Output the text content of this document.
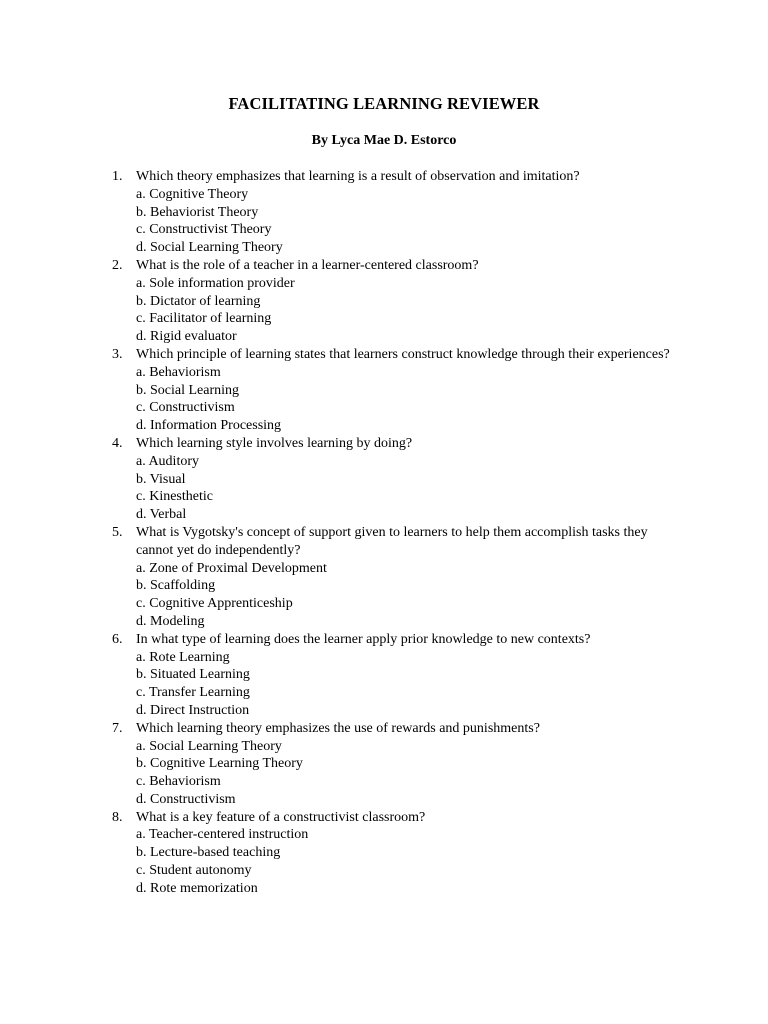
FACILITATING LEARNING REVIEWER
By Lyca Mae D. Estorco
1. Which theory emphasizes that learning is a result of observation and imitation?
a. Cognitive Theory
b. Behaviorist Theory
c. Constructivist Theory
d. Social Learning Theory
2. What is the role of a teacher in a learner-centered classroom?
a. Sole information provider
b. Dictator of learning
c. Facilitator of learning
d. Rigid evaluator
3. Which principle of learning states that learners construct knowledge through their experiences?
a. Behaviorism
b. Social Learning
c. Constructivism
d. Information Processing
4. Which learning style involves learning by doing?
a. Auditory
b. Visual
c. Kinesthetic
d. Verbal
5. What is Vygotsky's concept of support given to learners to help them accomplish tasks they cannot yet do independently?
a. Zone of Proximal Development
b. Scaffolding
c. Cognitive Apprenticeship
d. Modeling
6. In what type of learning does the learner apply prior knowledge to new contexts?
a. Rote Learning
b. Situated Learning
c. Transfer Learning
d. Direct Instruction
7. Which learning theory emphasizes the use of rewards and punishments?
a. Social Learning Theory
b. Cognitive Learning Theory
c. Behaviorism
d. Constructivism
8. What is a key feature of a constructivist classroom?
a. Teacher-centered instruction
b. Lecture-based teaching
c. Student autonomy
d. Rote memorization
